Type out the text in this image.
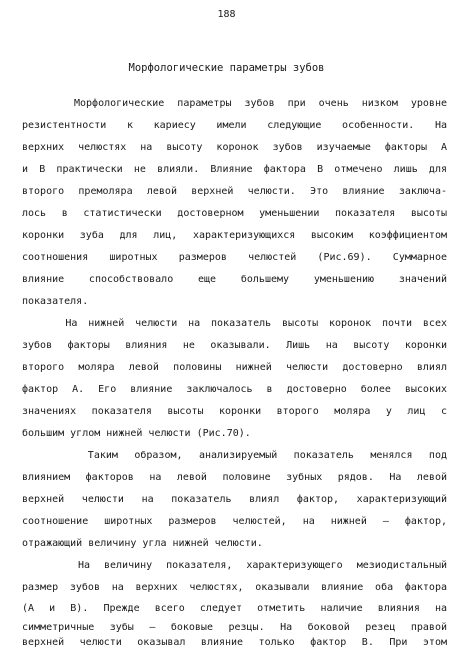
188
Морфологические параметры зубов
Морфологические параметры зубов при очень низком уровне
резистентности к кариесу имели следующие особенности. На
верхних челюстях на высоту коронок зубов изучаемые факторы А
и В практически не влияли. Влияние фактора В отмечено лишь для
второго премоляра левой верхней челюсти. Это влияние заключа-
лось в статистически достоверном уменьшении показателя высоты
коронки зуба для лиц, характеризующихся высоким коэффициентом
соотношения широтных размеров челюстей (Рис.69). Суммарное
влияние способствовало еще большему уменьшению значений
показателя.
На нижней челюсти на показатель высоты коронок почти всех
зубов факторы влияния не оказывали. Лишь на высоту коронки
второго моляра левой половины нижней челюсти достоверно влиял
фактор А. Его влияние заключалось в достоверно более высоких
значениях показателя высоты коронки второго моляра у лиц с
большим углом нижней челюсти (Рис.70).
Таким образом, анализируемый показатель менялся под
влиянием факторов на левой половине зубных рядов. На левой
верхней челюсти на показатель влиял фактор, характеризующий
соотношение широтных размеров челюстей, на нижней – фактор,
отражающий величину угла нижней челюсти.
На величину показателя, характеризующего мезиодистальный
размер зубов на верхних челюстях, оказывали влияние оба фактора
(А и В). Прежде всего следует отметить наличие влияния на
симметричные зубы – боковые резцы. На боковой резец правой
верхней челюсти оказывал влияние только фактор В. При этом
